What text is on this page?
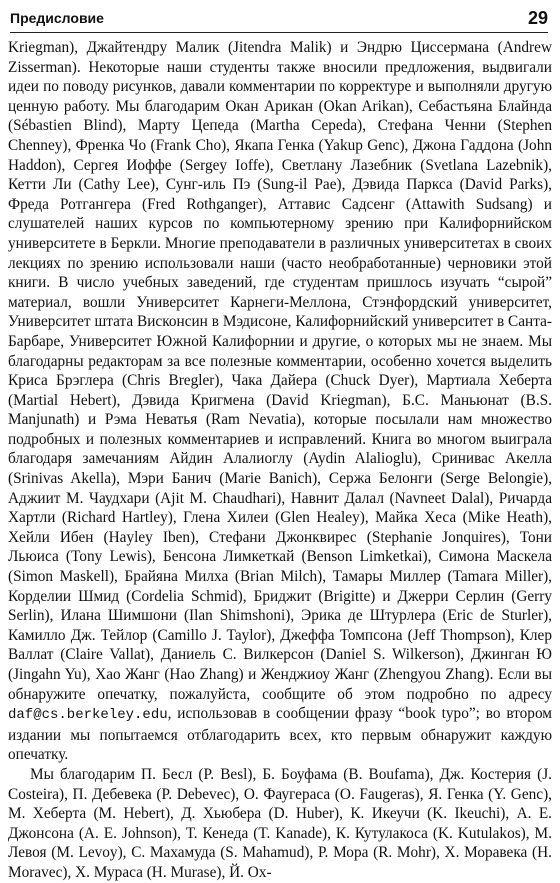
Предисловие	29

Kriegman), Джайтендру Малик (Jitendra Malik) и Эндрю Циссермана (Andrew Zisserman). Некоторые наши студенты также вносили предложения, выдвигали идеи по поводу рисунков, давали комментарии по корректуре и выполняли другую ценную работу. Мы благодарим Окан Арикан (Okan Arikan), Себастьяна Блайнда (Sébastien Blind), Марту Цепеда (Martha Cepeda), Стефана Ченни (Stephen Chenney), Френка Чо (Frank Cho), Якапа Генка (Yakup Genc), Джона Гаддона (John Haddon), Сергея Иоффе (Sergey Ioffe), Светлану Лазебник (Svetlana Lazebnik), Кетти Ли (Cathy Lee), Сунг-иль Пэ (Sung-il Pae), Дэвида Паркса (David Parks), Фреда Ротгангера (Fred Rothganger), Аттавис Садсенг (Attawith Sudsang) и слушателей наших курсов по компьютерному зрению при Калифорнийском университете в Беркли. Многие преподаватели в различных университетах в своих лекциях по зрению использовали наши (часто необработанные) черновики этой книги. В число учебных заведений, где студентам пришлось изучать “сырой” материал, вошли Университет Карнеги-Меллона, Стэнфордский университет, Университет штата Висконсин в Мэдисоне, Калифорнийский университет в Санта-Барбаре, Университет Южной Калифорнии и другие, о которых мы не знаем. Мы благодарны редакторам за все полезные комментарии, особенно хочется выделить Криса Брэглера (Chris Bregler), Чака Дайера (Chuck Dyer), Мартиала Хеберта (Martial Hebert), Дэвида Кригмена (David Kriegman), Б.С. Маньюнат (B.S. Manjunath) и Рэма Неватья (Ram Nevatia), которые посылали нам множество подробных и полезных комментариев и исправлений. Книга во многом выиграла благодаря замечаниям Айдин Алалиоглу (Aydin Alalioglu), Сринивас Акелла (Srinivas Akella), Мэри Банич (Marie Banich), Сержа Белонги (Serge Belongie), Аджиит М. Чаудхари (Ajit M. Chaudhari), Навнит Далал (Navneet Dalal), Ричарда Хартли (Richard Hartley), Глена Хилеи (Glen Healey), Майка Хеса (Mike Heath), Хейли Ибен (Hayley Iben), Стефани Джонквирес (Stephanie Jonquires), Тони Льюиса (Tony Lewis), Бенсона Лимкеткай (Benson Limketkai), Симона Маскела (Simon Maskell), Брайяна Милха (Brian Milch), Тамары Миллер (Tamara Miller), Корделии Шмид (Cordelia Schmid), Бриджит (Brigitte) и Джерри Серлин (Gerry Serlin), Илана Шимшони (Ilan Shimshoni), Эрика де Штурлера (Eric de Sturler), Камилло Дж. Тейлор (Camillo J. Taylor), Джеффа Томпсона (Jeff Thompson), Клер Валлат (Claire Vallat), Даниель С. Вилкерсон (Daniel S. Wilkerson), Джинган Ю (Jingahn Yu), Хао Жанг (Hao Zhang) и Женджиоу Жанг (Zhengyou Zhang). Если вы обнаружите опечатку, пожалуйста, сообщите об этом подробно по адресу daf@cs.berkeley.edu, использовав в сообщении фразу “book typo”; во втором издании мы попытаемся отблагодарить всех, кто первым обнаружит каждую опечатку.

Мы благодарим П. Бесл (P. Besl), Б. Боуфама (B. Boufama), Дж. Костерия (J. Costeira), П. Дебевека (P. Debevec), О. Фаугераса (O. Faugeras), Я. Генка (Y. Genc), М. Хеберта (M. Hebert), Д. Хьюбера (D. Huber), К. Икеучи (K. Ikeuchi), А. Е. Джонсона (A. E. Johnson), Т. Кенеда (T. Kanade), К. Кутулакоса (K. Kutulakos), М. Левоя (M. Levoy), С. Махамуда (S. Mahamud), Р. Мора (R. Mohr), Х. Моравека (H. Moravec), Х. Мураса (H. Murase), Й. Ох-
